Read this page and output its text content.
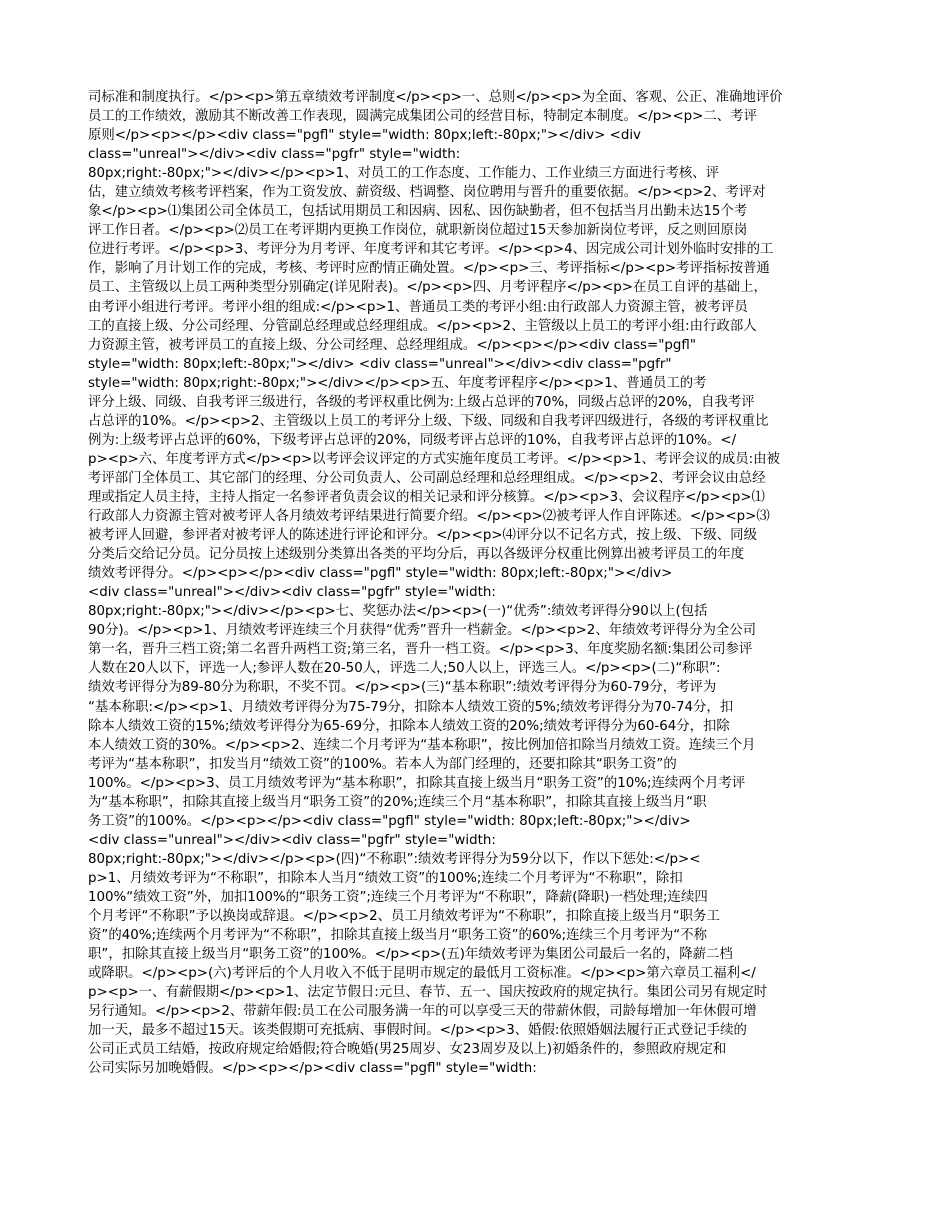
司标准和制度执行。</p><p>第五章绩效考评制度</p><p>一、总则</p><p>为全面、客观、公正、准确地评价
员工的工作绩效，激励其不断改善工作表现，圆满完成集团公司的经营目标，特制定本制度。</p><p>二、考评
原则</p><p></p><div class="pgfl" style="width: 80px;left:-80px;"></div> <div
class="unreal"></div><div class="pgfr" style="width:
80px;right:-80px;"></div></p><p>1、对员工的工作态度、工作能力、工作业绩三方面进行考核、评
估，建立绩效考核考评档案，作为工资发放、薪资级、档调整、岗位聘用与晋升的重要依据。</p><p>2、考评对
象</p><p>⑴集团公司全体员工，包括试用期员工和因病、因私、因伤缺勤者，但不包括当月出勤未达15个考
评工作日者。</p><p>⑵员工在考评期内更换工作岗位，就职新岗位超过15天参加新岗位考评，反之则回原岗
位进行考评。</p><p>3、考评分为月考评、年度考评和其它考评。</p><p>4、因完成公司计划外临时安排的工
作，影响了月计划工作的完成，考核、考评时应酌情正确处置。</p><p>三、考评指标</p><p>考评指标按普通
员工、主管级以上员工两种类型分别确定(详见附表)。</p><p>四、月考评程序</p><p>在员工自评的基础上，
由考评小组进行考评。考评小组的组成:</p><p>1、普通员工类的考评小组:由行政部人力资源主管，被考评员
工的直接上级、分公司经理、分管副总经理或总经理组成。</p><p>2、主管级以上员工的考评小组:由行政部人
力资源主管，被考评员工的直接上级、分公司经理、总经理组成。</p><p></p><div class="pgfl"
style="width: 80px;left:-80px;"></div> <div class="unreal"></div><div class="pgfr"
style="width: 80px;right:-80px;"></div></p><p>五、年度考评程序</p><p>1、普通员工的考
评分上级、同级、自我考评三级进行，各级的考评权重比例为:上级占总评的70%，同级占总评的20%，自我考评
占总评的10%。</p><p>2、主管级以上员工的考评分上级、下级、同级和自我考评四级进行，各级的考评权重比
例为:上级考评占总评的60%，下级考评占总评的20%，同级考评占总评的10%，自我考评占总评的10%。</
p><p>六、年度考评方式</p><p>以考评会议评定的方式实施年度员工考评。</p><p>1、考评会议的成员:由被
考评部门全体员工、其它部门的经理、分公司负责人、公司副总经理和总经理组成。</p><p>2、考评会议由总经
理或指定人员主持，主持人指定一名参评者负责会议的相关记录和评分核算。</p><p>3、会议程序</p><p>⑴
行政部人力资源主管对被考评人各月绩效考评结果进行简要介绍。</p><p>⑵被考评人作自评陈述。</p><p>⑶
被考评人回避，参评者对被考评人的陈述进行评论和评分。</p><p>⑷评分以不记名方式，按上级、下级、同级
分类后交给记分员。记分员按上述级别分类算出各类的平均分后，再以各级评分权重比例算出被考评员工的年度
绩效考评得分。</p><p></p><div class="pgfl" style="width: 80px;left:-80px;"></div>
<div class="unreal"></div><div class="pgfr" style="width:
80px;right:-80px;"></div></p><p>七、奖惩办法</p><p>(一)“优秀”:绩效考评得分90以上(包括
90分)。</p><p>1、月绩效考评连续三个月获得“优秀”晋升一档薪金。</p><p>2、年绩效考评得分为全公司
第一名，晋升三档工资;第二名晋升两档工资;第三名，晋升一档工资。</p><p>3、年度奖励名额:集团公司参评
人数在20人以下，评选一人;参评人数在20-50人，评选二人;50人以上，评选三人。</p><p>(二)“称职”:
绩效考评得分为89-80分为称职，不奖不罚。</p><p>(三)“基本称职”:绩效考评得分为60-79分，考评为
“基本称职:</p><p>1、月绩效考评得分为75-79分，扣除本人绩效工资的5%;绩效考评得分为70-74分，扣
除本人绩效工资的15%;绩效考评得分为65-69分，扣除本人绩效工资的20%;绩效考评得分为60-64分，扣除
本人绩效工资的30%。</p><p>2、连续二个月考评为“基本称职”，按比例加倍扣除当月绩效工资。连续三个月
考评为“基本称职”，扣发当月“绩效工资”的100%。若本人为部门经理的，还要扣除其“职务工资”的
100%。</p><p>3、员工月绩效考评为“基本称职”，扣除其直接上级当月“职务工资”的10%;连续两个月考评
为“基本称职”，扣除其直接上级当月“职务工资”的20%;连续三个月“基本称职”，扣除其直接上级当月“职
务工资”的100%。</p><p></p><div class="pgfl" style="width: 80px;left:-80px;"></div>
<div class="unreal"></div><div class="pgfr" style="width:
80px;right:-80px;"></div></p><p>(四)“不称职”:绩效考评得分为59分以下，作以下惩处:</p><
p>1、月绩效考评为“不称职”，扣除本人当月“绩效工资”的100%;连续二个月考评为“不称职”，除扣
100%“绩效工资”外，加扣100%的“职务工资”;连续三个月考评为“不称职”，降薪(降职)一档处理;连续四
个月考评“不称职”予以换岗或辞退。</p><p>2、员工月绩效考评为“不称职”，扣除直接上级当月“职务工
资”的40%;连续两个月考评为“不称职”，扣除其直接上级当月“职务工资”的60%;连续三个月考评为“不称
职”，扣除其直接上级当月“职务工资”的100%。</p><p>(五)年绩效考评为集团公司最后一名的，降薪二档
或降职。</p><p>(六)考评后的个人月收入不低于昆明市规定的最低月工资标准。</p><p>第六章员工福利</
p><p>一、有薪假期</p><p>1、法定节假日:元旦、春节、五一、国庆按政府的规定执行。集团公司另有规定时
另行通知。</p><p>2、带薪年假:员工在公司服务满一年的可以享受三天的带薪休假，司龄每增加一年休假可增
加一天，最多不超过15天。该类假期可充抵病、事假时间。</p><p>3、婚假:依照婚姻法履行正式登记手续的
公司正式员工结婚，按政府规定给婚假;符合晚婚(男25周岁、女23周岁及以上)初婚条件的，参照政府规定和
公司实际另加晚婚假。</p><p></p><div class="pgfl" style="width:
